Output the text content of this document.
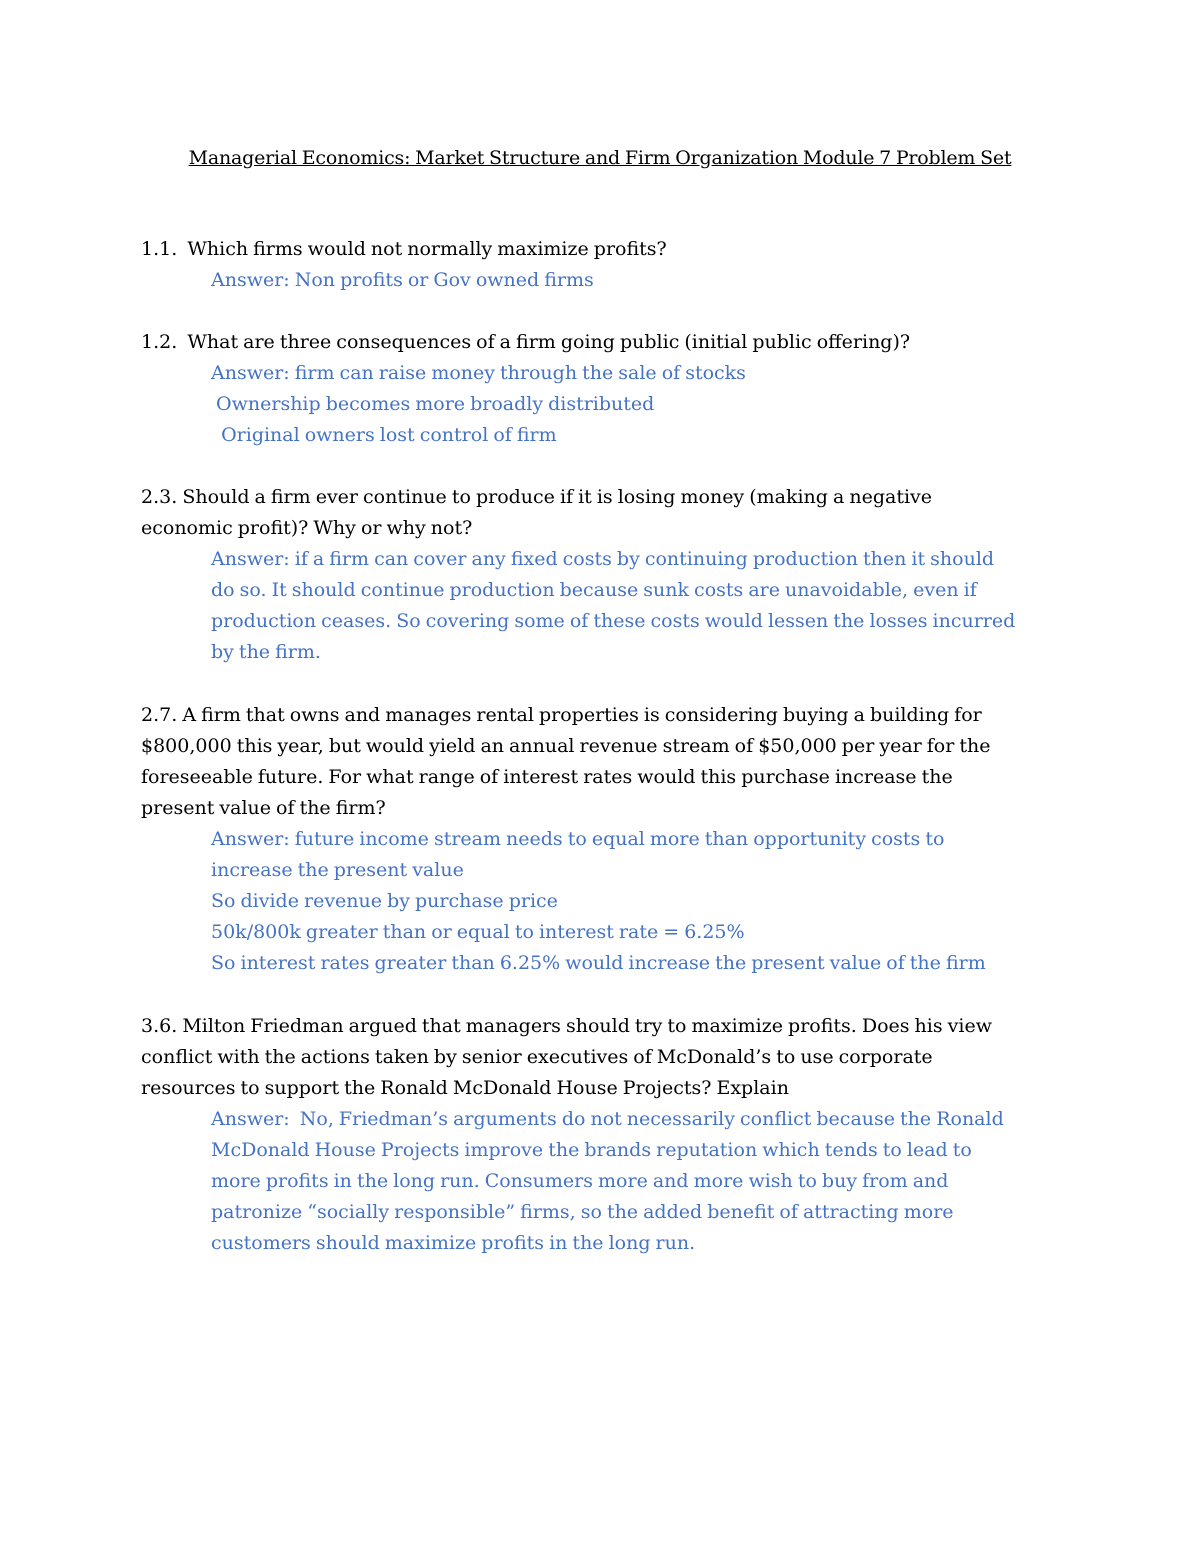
Managerial Economics: Market Structure and Firm Organization Module 7 Problem Set
1.1. Which firms would not normally maximize profits?
Answer: Non profits or Gov owned firms
1.2. What are three consequences of a firm going public (initial public offering)?
Answer: firm can raise money through the sale of stocks
Ownership becomes more broadly distributed
Original owners lost control of firm
2.3. Should a firm ever continue to produce if it is losing money (making a negative
economic profit)? Why or why not?
Answer: if a firm can cover any fixed costs by continuing production then it should
do so. It should continue production because sunk costs are unavoidable, even if
production ceases. So covering some of these costs would lessen the losses incurred
by the firm.
2.7. A firm that owns and manages rental properties is considering buying a building for
$800,000 this year, but would yield an annual revenue stream of $50,000 per year for the
foreseeable future. For what range of interest rates would this purchase increase the
present value of the firm?
Answer: future income stream needs to equal more than opportunity costs to
increase the present value
So divide revenue by purchase price
50k/800k greater than or equal to interest rate = 6.25%
So interest rates greater than 6.25% would increase the present value of the firm
3.6. Milton Friedman argued that managers should try to maximize profits. Does his view
conflict with the actions taken by senior executives of McDonald’s to use corporate
resources to support the Ronald McDonald House Projects? Explain
Answer:  No, Friedman’s arguments do not necessarily conflict because the Ronald
McDonald House Projects improve the brands reputation which tends to lead to
more profits in the long run. Consumers more and more wish to buy from and
patronize “socially responsible” firms, so the added benefit of attracting more
customers should maximize profits in the long run.
